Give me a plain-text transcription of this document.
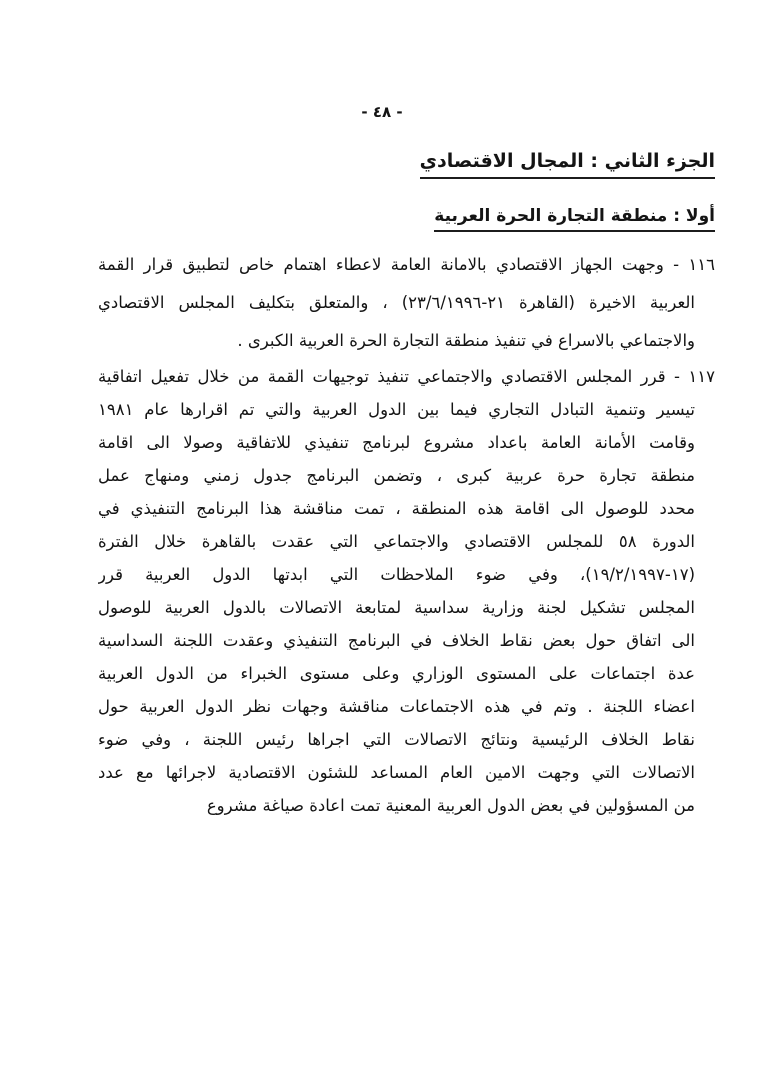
- ٤٨ -
الجزء الثاني : المجال الاقتصادي
أولا : منطقة التجارة الحرة العربية
١١٦ - وجهت الجهاز الاقتصادي بالامانة العامة لاعطاء اهتمام خاص لتطبيق قرار القمة
العربية الاخيرة (القاهرة ٢١-٢٣/٦/١٩٩٦) ، والمتعلق بتكليف المجلس الاقتصادي
والاجتماعي بالاسراع في تنفيذ منطقة التجارة الحرة العربية الكبرى .
١١٧ - قرر المجلس الاقتصادي والاجتماعي تنفيذ توجيهات القمة من خلال تفعيل اتفاقية
تيسير وتنمية التبادل التجاري فيما بين الدول العربية والتي تم اقرارها عام ١٩٨١
وقامت الأمانة العامة باعداد مشروع لبرنامج تنفيذي للاتفاقية وصولا الى اقامة
منطقة تجارة حرة عربية كبرى ، وتضمن البرنامج جدول زمني ومنهاج عمل
محدد للوصول الى اقامة هذه المنطقة ، تمت مناقشة هذا البرنامج التنفيذي في
الدورة ٥٨ للمجلس الاقتصادي والاجتماعي التي عقدت بالقاهرة خلال الفترة
(١٧-١٩/٢/١٩٩٧)، وفي ضوء الملاحظات التي ابدتها الدول العربية قرر
المجلس تشكيل لجنة وزارية سداسية لمتابعة الاتصالات بالدول العربية للوصول
الى اتفاق حول بعض نقاط الخلاف في البرنامج التنفيذي وعقدت اللجنة السداسية
عدة اجتماعات على المستوى الوزاري وعلى مستوى الخبراء من الدول العربية
اعضاء اللجنة . وتم في هذه الاجتماعات مناقشة وجهات نظر الدول العربية حول
نقاط الخلاف الرئيسية ونتائج الاتصالات التي اجراها رئيس اللجنة ، وفي ضوء
الاتصالات التي وجهت الامين العام المساعد للشئون الاقتصادية لاجرائها مع عدد
من المسؤولين في بعض الدول العربية المعنية تمت اعادة صياغة مشروع
